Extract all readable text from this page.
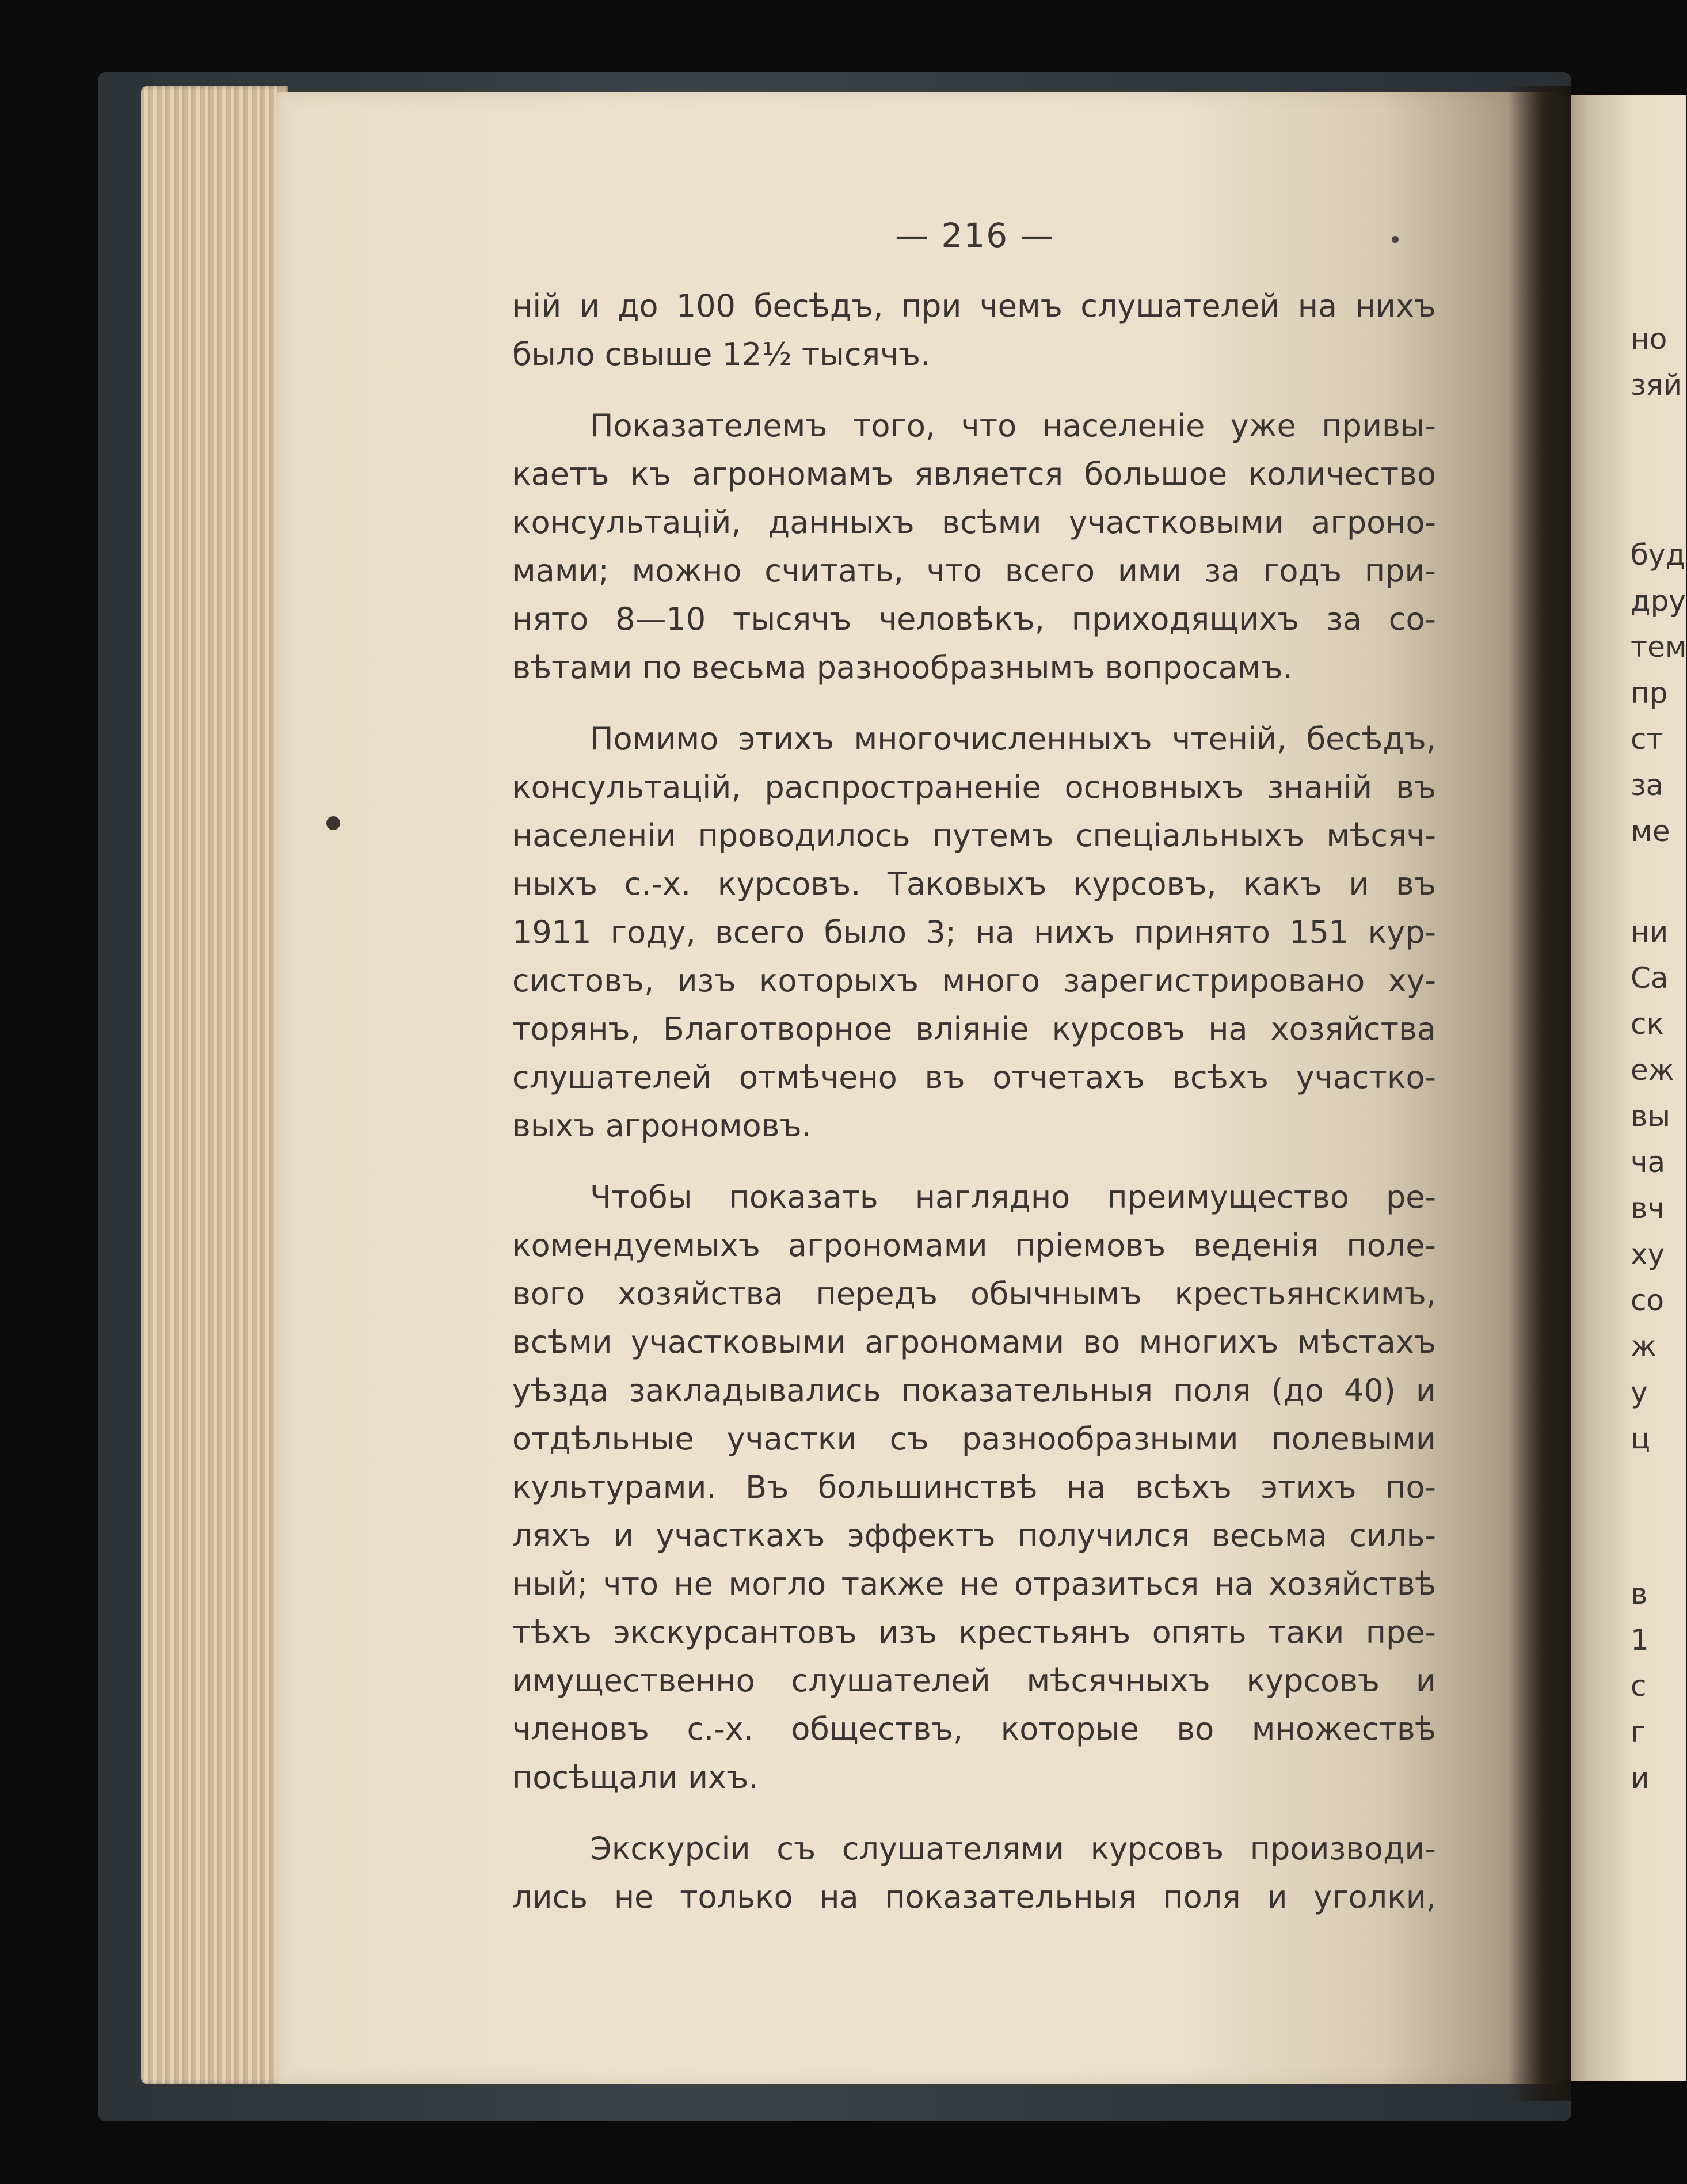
— 216 —
ній и до 100 бесѣдъ, при чемъ слушателей на нихъ
было свыше 12½ тысячъ.
Показателемъ того, что населеніе уже привы-
каетъ къ агрономамъ является большое количество
консультацій, данныхъ всѣми участковыми агроно-
мами; можно считать, что всего ими за годъ при-
нято 8—10 тысячъ человѣкъ, приходящихъ за со-
вѣтами по весьма разнообразнымъ вопросамъ.
Помимо этихъ многочисленныхъ чтеній, бесѣдъ,
консультацій, распространеніе основныхъ знаній въ
населеніи проводилось путемъ спеціальныхъ мѣсяч-
ныхъ с.-х. курсовъ. Таковыхъ курсовъ, какъ и въ
1911 году, всего было 3; на нихъ принято 151 кур-
систовъ, изъ которыхъ много зарегистрировано ху-
торянъ, Благотворное вліяніе курсовъ на хозяйства
слушателей отмѣчено въ отчетахъ всѣхъ участко-
выхъ агрономовъ.
Чтобы показать наглядно преимущество ре-
комендуемыхъ агрономами пріемовъ веденія поле-
вого хозяйства передъ обычнымъ крестьянскимъ,
всѣми участковыми агрономами во многихъ мѣстахъ
уѣзда закладывались показательныя поля (до 40) и
отдѣльные участки съ разнообразными полевыми
культурами. Въ большинствѣ на всѣхъ этихъ по-
ляхъ и участкахъ эффектъ получился весьма силь-
ный; что не могло также не отразиться на хозяйствѣ
тѣхъ экскурсантовъ изъ крестьянъ опять таки пре-
имущественно слушателей мѣсячныхъ курсовъ и
членовъ с.-х. обществъ, которые во множествѣ
посѣщали ихъ.
Экскурсіи съ слушателями курсовъ производи-
лись не только на показательныя поля и уголки,
но
зяй
буд
дру
тем
пр
ст
за
ме
ни
Са
ск
еж
вы
ча
вч
ху
со
ж
у
ц
в
1
с
г
и
